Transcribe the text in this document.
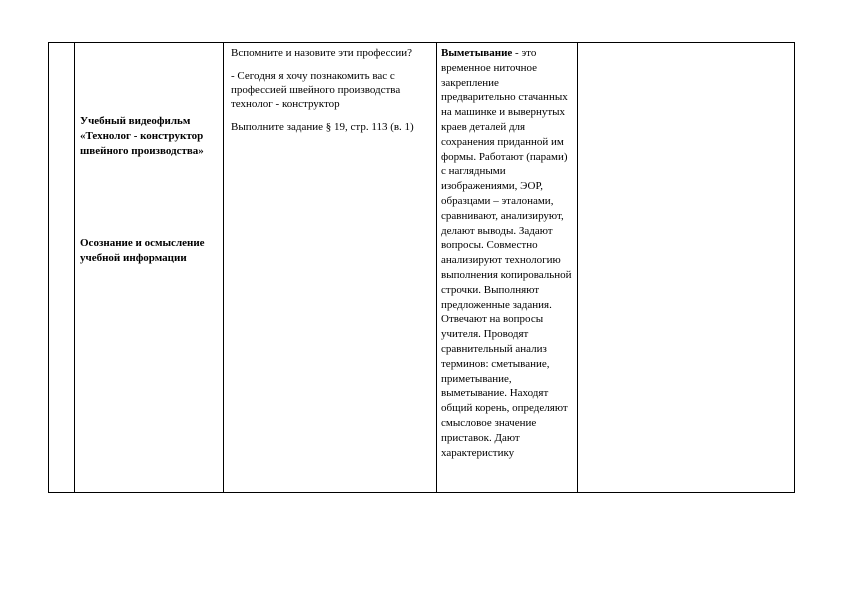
Учебный видеофильм «Технолог - конструктор швейного производства»
Осознание и осмысление учебной информации

Вспомните и назовите эти профессии?

- Сегодня я хочу познакомить вас с профессией швейного производства технолог - конструктор

Выполните задание § 19, стр. 113 (в. 1)

Выметывание - это временное ниточное закрепление предварительно стачанных на машинке и вывернутых краев деталей для сохранения приданной им формы. Работают (парами) с наглядными изображениями, ЭОР, образцами – эталонами, сравнивают, анализируют, делают выводы. Задают вопросы. Совместно анализируют технологию выполнения копировальной строчки. Выполняют предложенные задания. Отвечают на вопросы учителя. Проводят сравнительный анализ терминов: сметывание, приметывание, выметывание. Находят общий корень, определяют смысловое значение приставок. Дают характеристику
